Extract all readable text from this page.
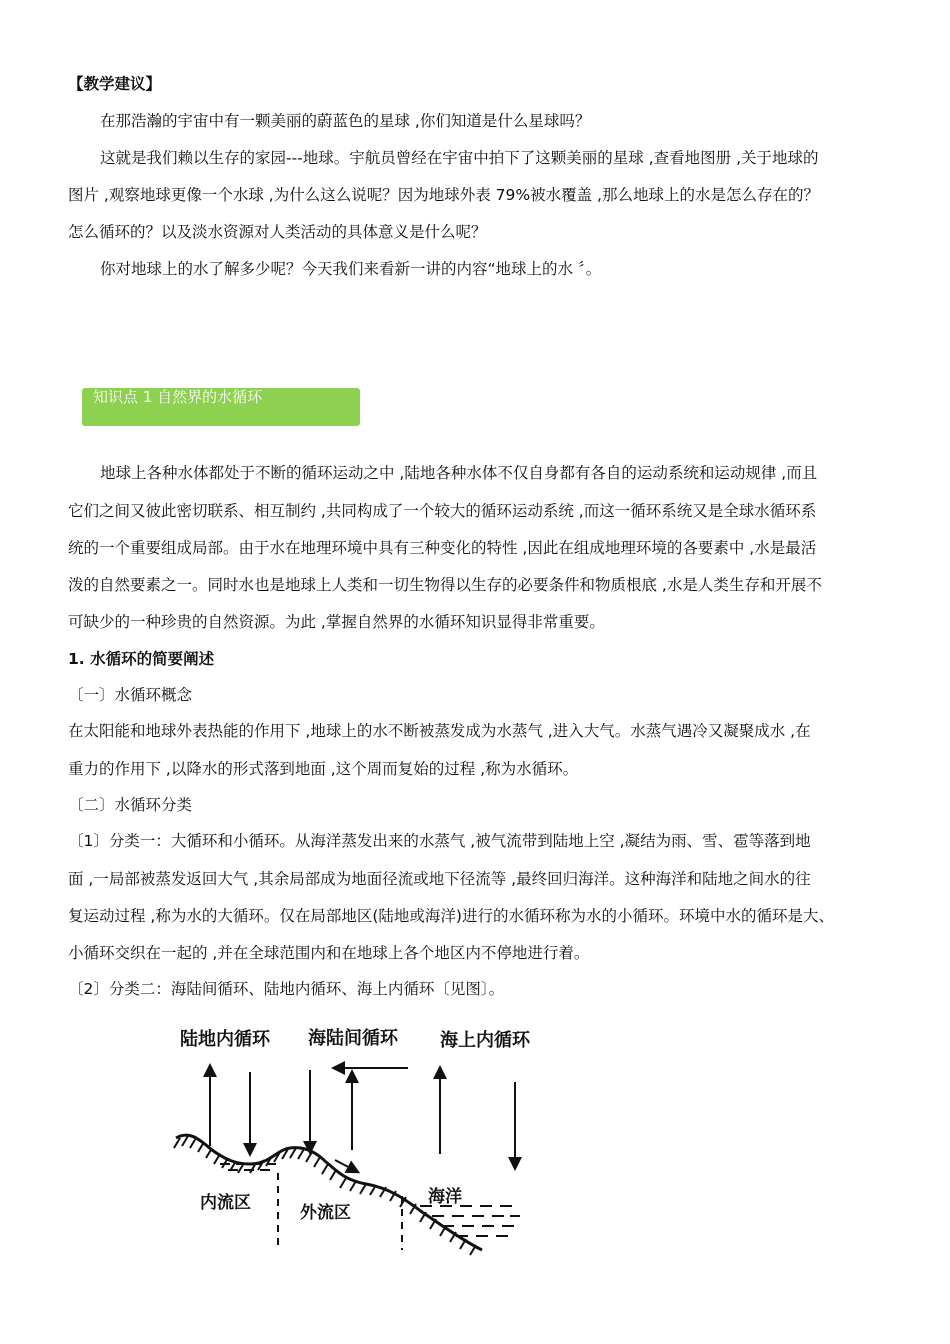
【教学建议】
在那浩瀚的宇宙中有一颗美丽的蔚蓝色的星球 ,你们知道是什么星球吗？
这就是我们赖以生存的家园---地球。宇航员曾经在宇宙中拍下了这颗美丽的星球 ,查看地图册 ,关于地球的
图片 ,观察地球更像一个水球 ,为什么这么说呢？因为地球外表 79%被水覆盖 ,那么地球上的水是怎么存在的？
怎么循环的？以及淡水资源对人类活动的具体意义是什么呢？
你对地球上的水了解多少呢？今天我们来看新一讲的内容“地球上的水 〞。
知识点 1 自然界的水循环
地球上各种水体都处于不断的循环运动之中 ,陆地各种水体不仅自身都有各自的运动系统和运动规律 ,而且
它们之间又彼此密切联系、相互制约 ,共同构成了一个较大的循环运动系统 ,而这一循环系统又是全球水循环系
统的一个重要组成局部。由于水在地理环境中具有三种变化的特性 ,因此在组成地理环境的各要素中 ,水是最活
泼的自然要素之一。同时水也是地球上人类和一切生物得以生存的必要条件和物质根底 ,水是人类生存和开展不
可缺少的一种珍贵的自然资源。为此 ,掌握自然界的水循环知识显得非常重要。
1. 水循环的简要阐述
〔一〕水循环概念
在太阳能和地球外表热能的作用下 ,地球上的水不断被蒸发成为水蒸气 ,进入大气。水蒸气遇冷又凝聚成水 ,在
重力的作用下 ,以降水的形式落到地面 ,这个周而复始的过程 ,称为水循环。
〔二〕水循环分类
〔1〕分类一：大循环和小循环。从海洋蒸发出来的水蒸气 ,被气流带到陆地上空 ,凝结为雨、雪、雹等落到地
面 ,一局部被蒸发返回大气 ,其余局部成为地面径流或地下径流等 ,最终回归海洋。这种海洋和陆地之间水的往
复运动过程 ,称为水的大循环。仅在局部地区(陆地或海洋)进行的水循环称为水的小循环。环境中水的循环是大、
小循环交织在一起的 ,并在全球范围内和在地球上各个地区内不停地进行着。
〔2〕分类二：海陆间循环、陆地内循环、海上内循环〔见图〕。
陆地内循环 海陆间循环 海上内循环
内流区	外流区
海洋
